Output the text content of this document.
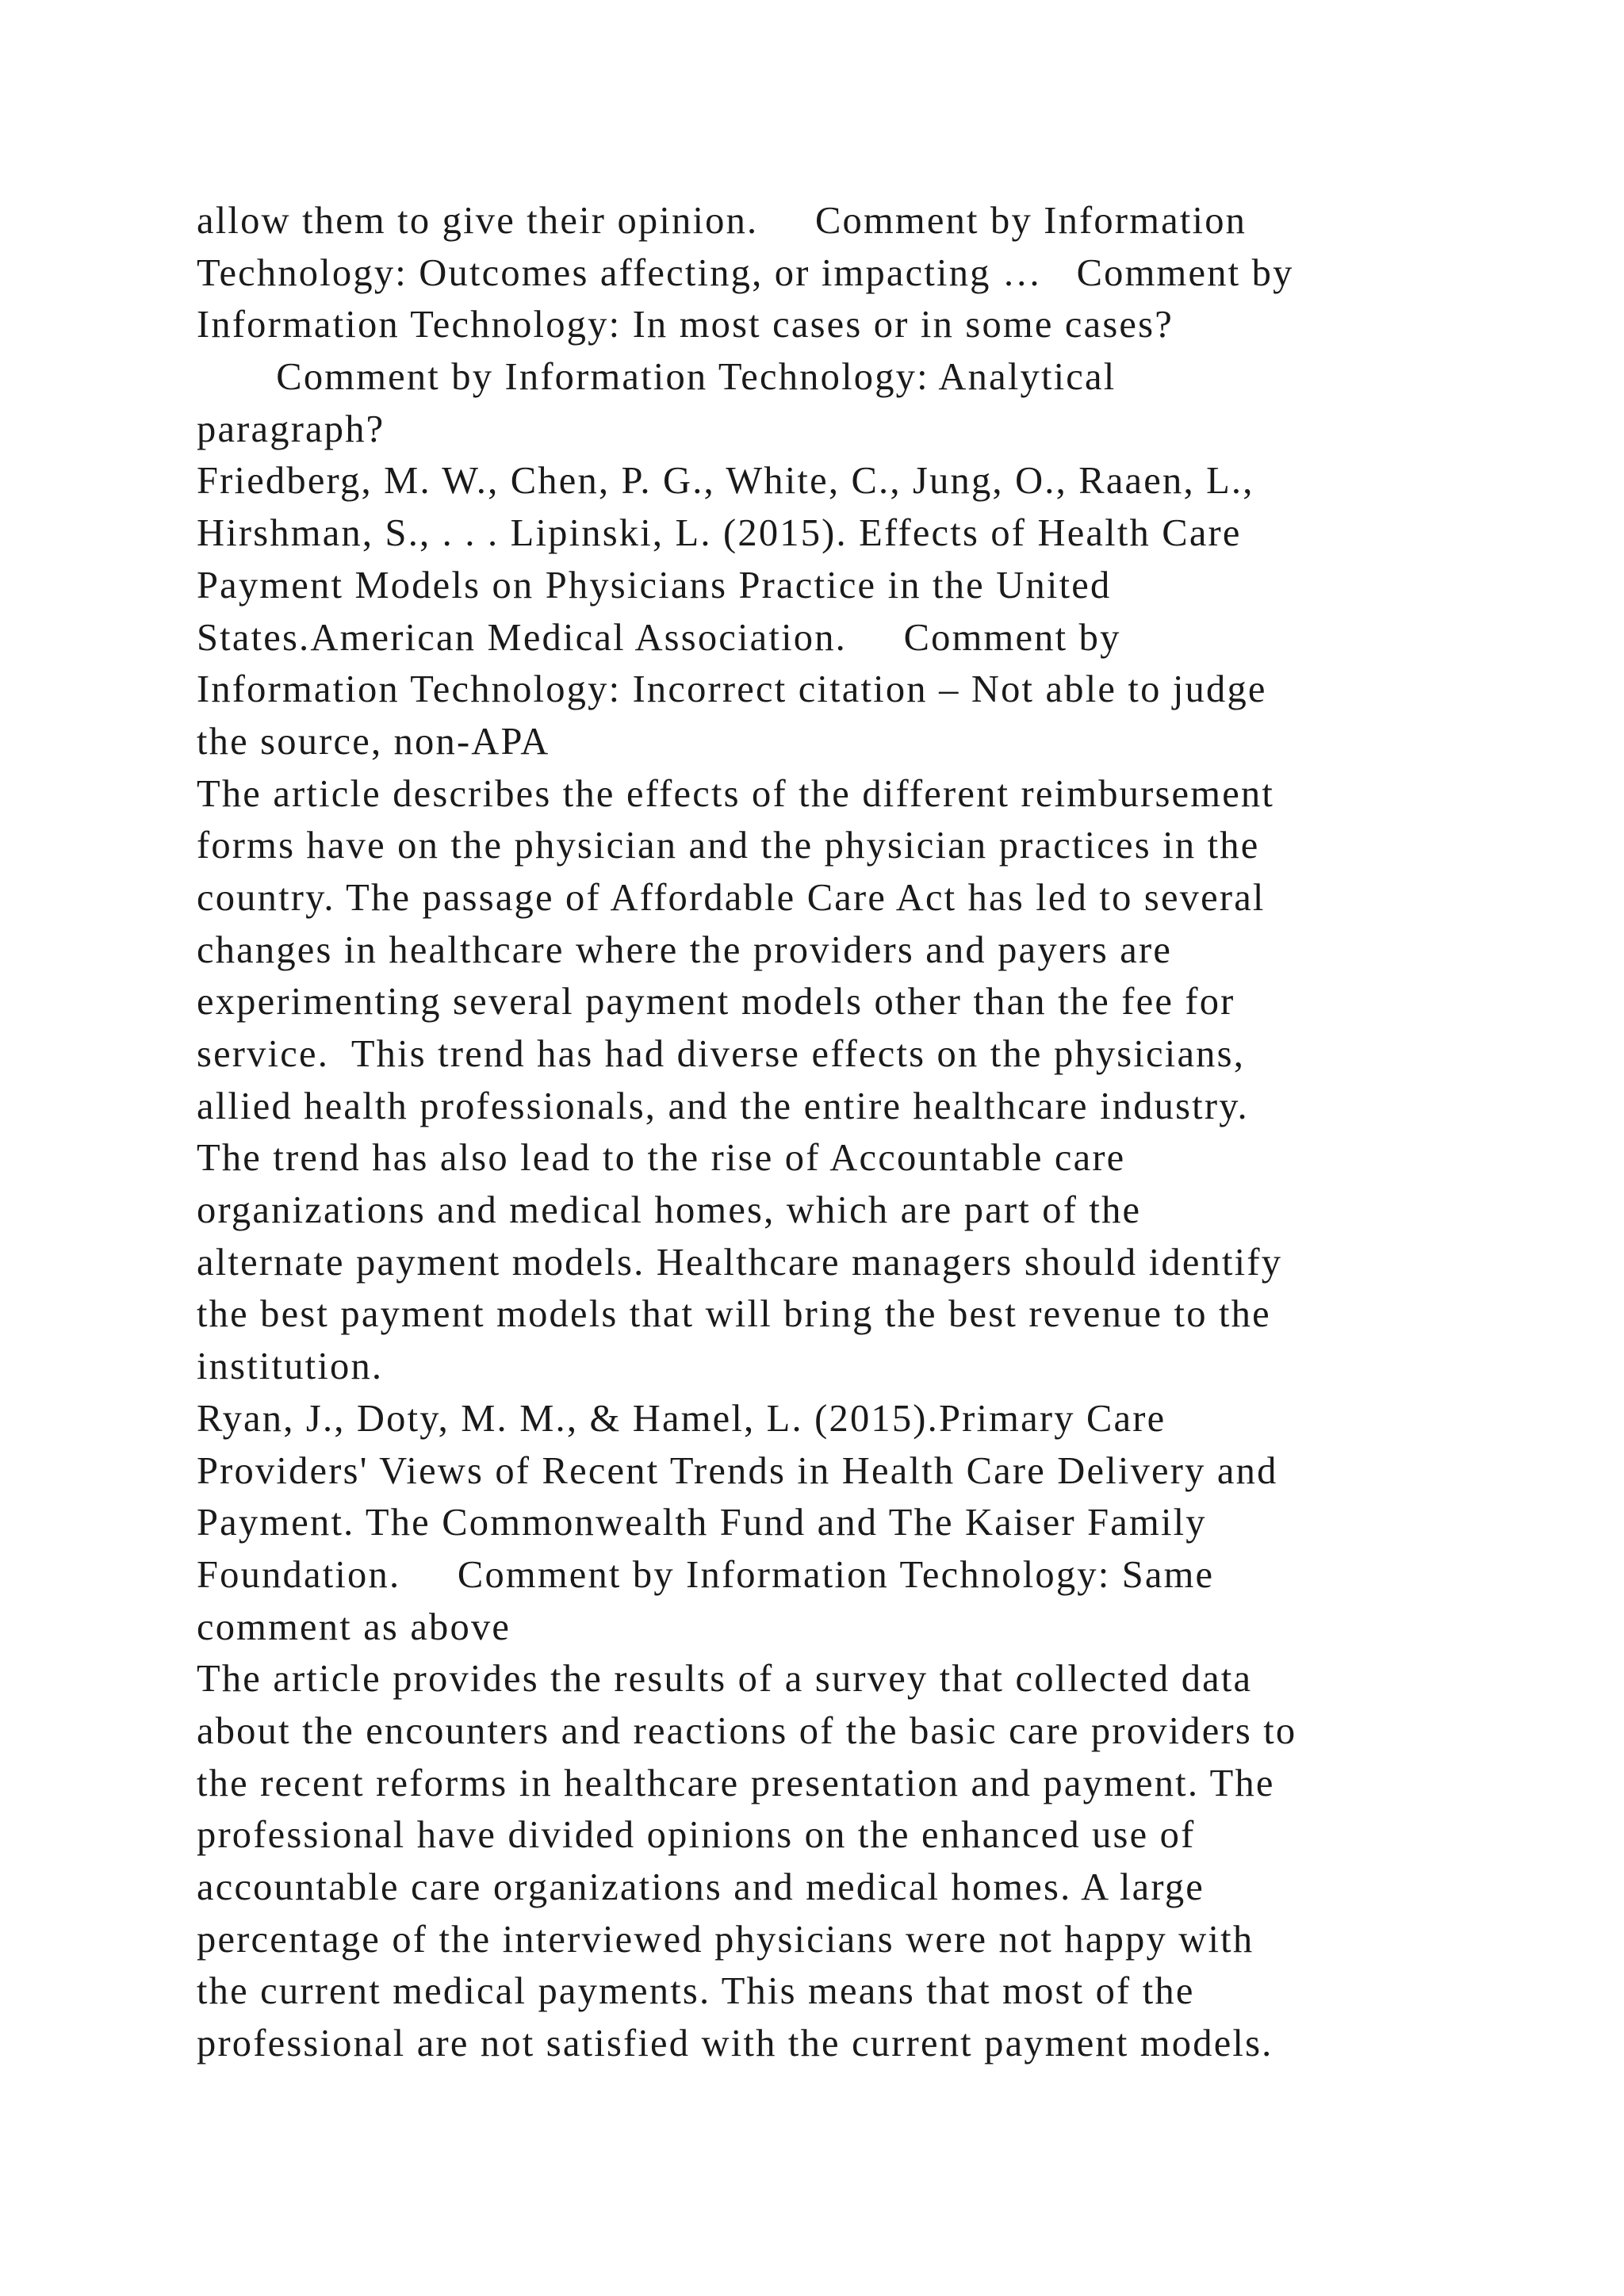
allow them to give their opinion.     Comment by Information
Technology: Outcomes affecting, or impacting …   Comment by
Information Technology: In most cases or in some cases?
Comment by Information Technology: Analytical
paragraph?
Friedberg, M. W., Chen, P. G., White, C., Jung, O., Raaen, L.,
Hirshman, S., . . . Lipinski, L. (2015). Effects of Health Care
Payment Models on Physicians Practice in the United
States.American Medical Association.     Comment by
Information Technology: Incorrect citation – Not able to judge
the source, non-APA
The article describes the effects of the different reimbursement
forms have on the physician and the physician practices in the
country. The passage of Affordable Care Act has led to several
changes in healthcare where the providers and payers are
experimenting several payment models other than the fee for
service.  This trend has had diverse effects on the physicians,
allied health professionals, and the entire healthcare industry.
The trend has also lead to the rise of Accountable care
organizations and medical homes, which are part of the
alternate payment models. Healthcare managers should identify
the best payment models that will bring the best revenue to the
institution.
Ryan, J., Doty, M. M., & Hamel, L. (2015).Primary Care
Providers' Views of Recent Trends in Health Care Delivery and
Payment. The Commonwealth Fund and The Kaiser Family
Foundation.     Comment by Information Technology: Same
comment as above
The article provides the results of a survey that collected data
about the encounters and reactions of the basic care providers to
the recent reforms in healthcare presentation and payment. The
professional have divided opinions on the enhanced use of
accountable care organizations and medical homes. A large
percentage of the interviewed physicians were not happy with
the current medical payments. This means that most of the
professional are not satisfied with the current payment models.
